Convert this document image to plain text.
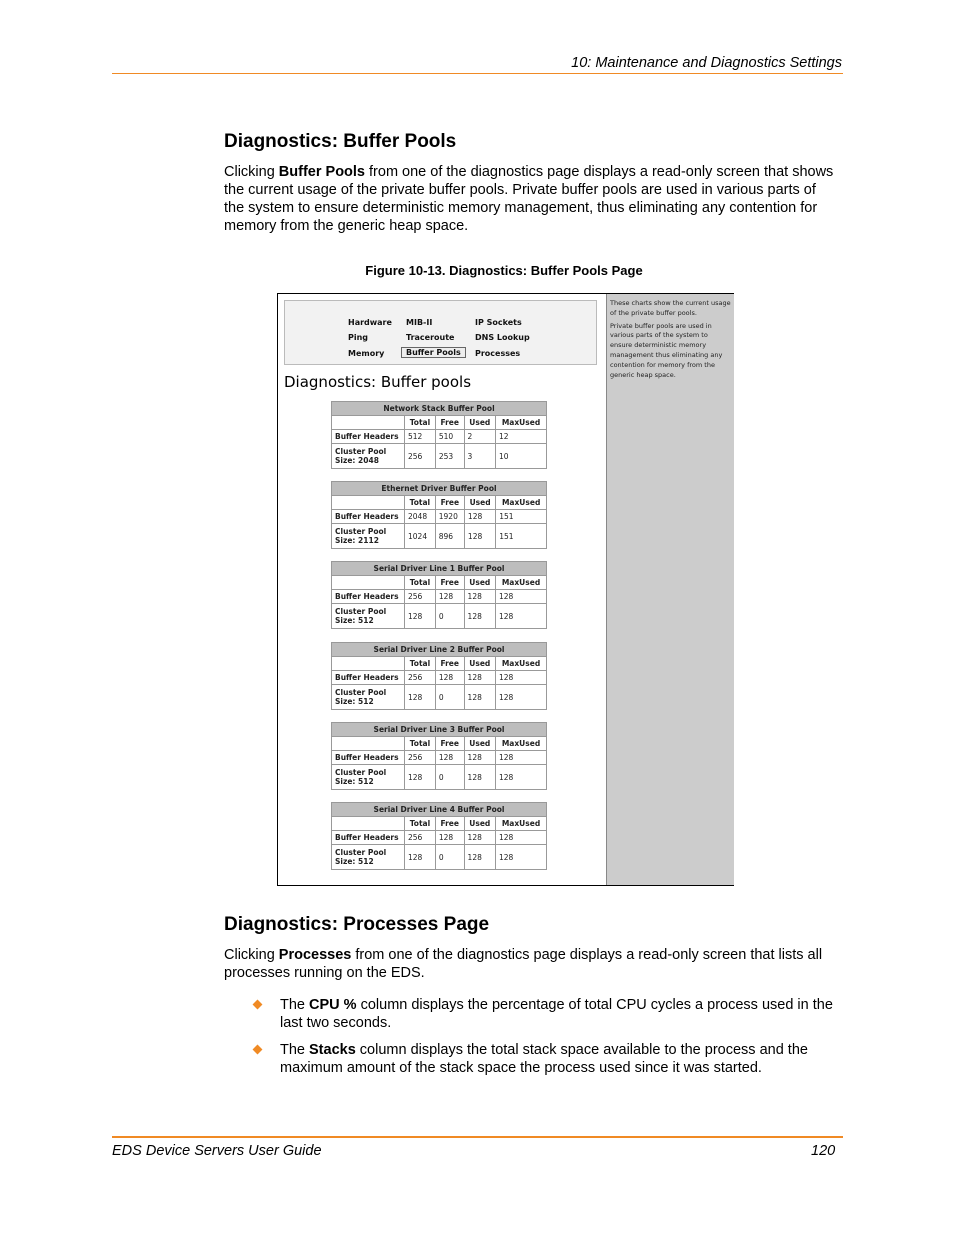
10: Maintenance and Diagnostics Settings
Diagnostics: Buffer Pools

Clicking Buffer Pools from one of the diagnostics page displays a read-only screen that shows the current usage of the private buffer pools. Private buffer pools are used in various parts of the system to ensure deterministic memory management, thus eliminating any contention for memory from the generic heap space.

Figure 10-13. Diagnostics: Buffer Pools Page
Hardware MIB-II	IP Sockets
Ping	Traceroute	DNS Lookup
Memory	Buffer Pools	Processes
Diagnostics: Buffer pools
Network Stack Buffer Pool				
	Total	Free	Used	MaxUsed
Buffer Headers	512	510	2	12
Cluster Pool Size: 2048	256	253	3	10
Ethernet Driver Buffer Pool				
	Total	Free	Used	MaxUsed
Buffer Headers	2048	1920	128	151
Cluster Pool Size: 2112	1024	896	128	151
Serial Driver Line 1 Buffer Pool				
	Total	Free	Used	MaxUsed
Buffer Headers	256	128	128	128
Cluster Pool Size: 512	128	0	128	128
Serial Driver Line 2 Buffer Pool				
	Total	Free	Used	MaxUsed
Buffer Headers	256	128	128	128
Cluster Pool Size: 512	128	0	128	128
Serial Driver Line 3 Buffer Pool				
	Total	Free	Used	MaxUsed
Buffer Headers	256	128	128	128
Cluster Pool Size: 512	128	0	128	128
Serial Driver Line 4 Buffer Pool				
	Total	Free	Used	MaxUsed
Buffer Headers	256	128	128	128
Cluster Pool Size: 512	128	0	128	128
These charts show the current usage of the private buffer pools.
Private buffer pools are used in various parts of the system to ensure deterministic memory management thus eliminating any contention for memory from the generic heap space.
Diagnostics: Processes Page

Clicking Processes from one of the diagnostics page displays a read-only screen that lists all processes running on the EDS.

The CPU % column displays the percentage of total CPU cycles a process used in the last two seconds.
The Stacks column displays the total stack space available to the process and the maximum amount of the stack space the process used since it was started.
EDS Device Servers User Guide	120
